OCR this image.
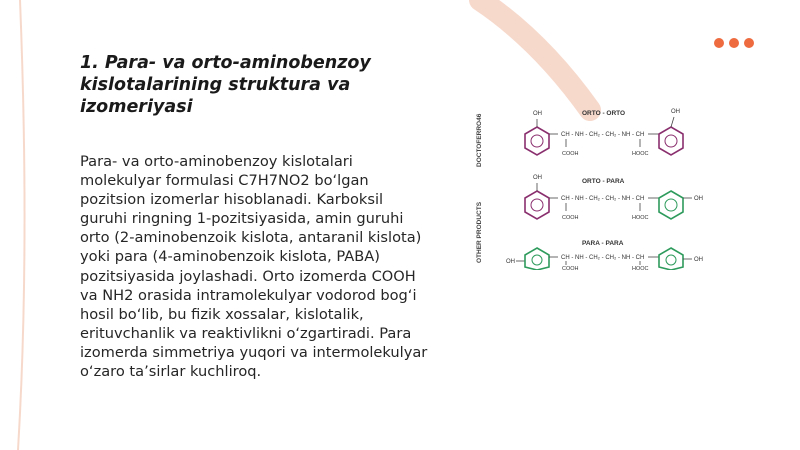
1. Para- va orto-aminobenzoy kislotalarining struktura va izomeriyasi

Para- va orto-aminobenzoy kislotalari molekulyar formulasi C7H7NO2 bo‘lgan pozitsion izomerlar hisoblanadi. Karboksil guruhi ringning 1-pozitsiyasida, amin guruhi orto (2-aminobenzoik kislota, antaranil kislota) yoki para (4-aminobenzoik kislota, PABA) pozitsiyasida joylashadi. Orto izomerda COOH va NH2 orasida intramolekulyar vodorod bog‘i hosil bo‘lib, bu fizik xossalar, kislotalik, erituvchanlik va reaktivlikni o‘zgartiradi. Para izomerda simmetriya yuqori va intermolekulyar o‘zaro ta’sirlar kuchliroq.

DOCTOFERRO46
OTHER PRODUCTS
ORTO - ORTO
OH
CH - NH - CH₂ - CH₂ - NH - CH
COOH	HOOC
OH
ORTO - PARA
OH
CH - NH - CH₂ - CH₂ - NH - CH
COOH	HOOC
OH
PARA - PARA
OH
CH - NH - CH₂ - CH₂ - NH - CH
COOH	HOOC
OH
